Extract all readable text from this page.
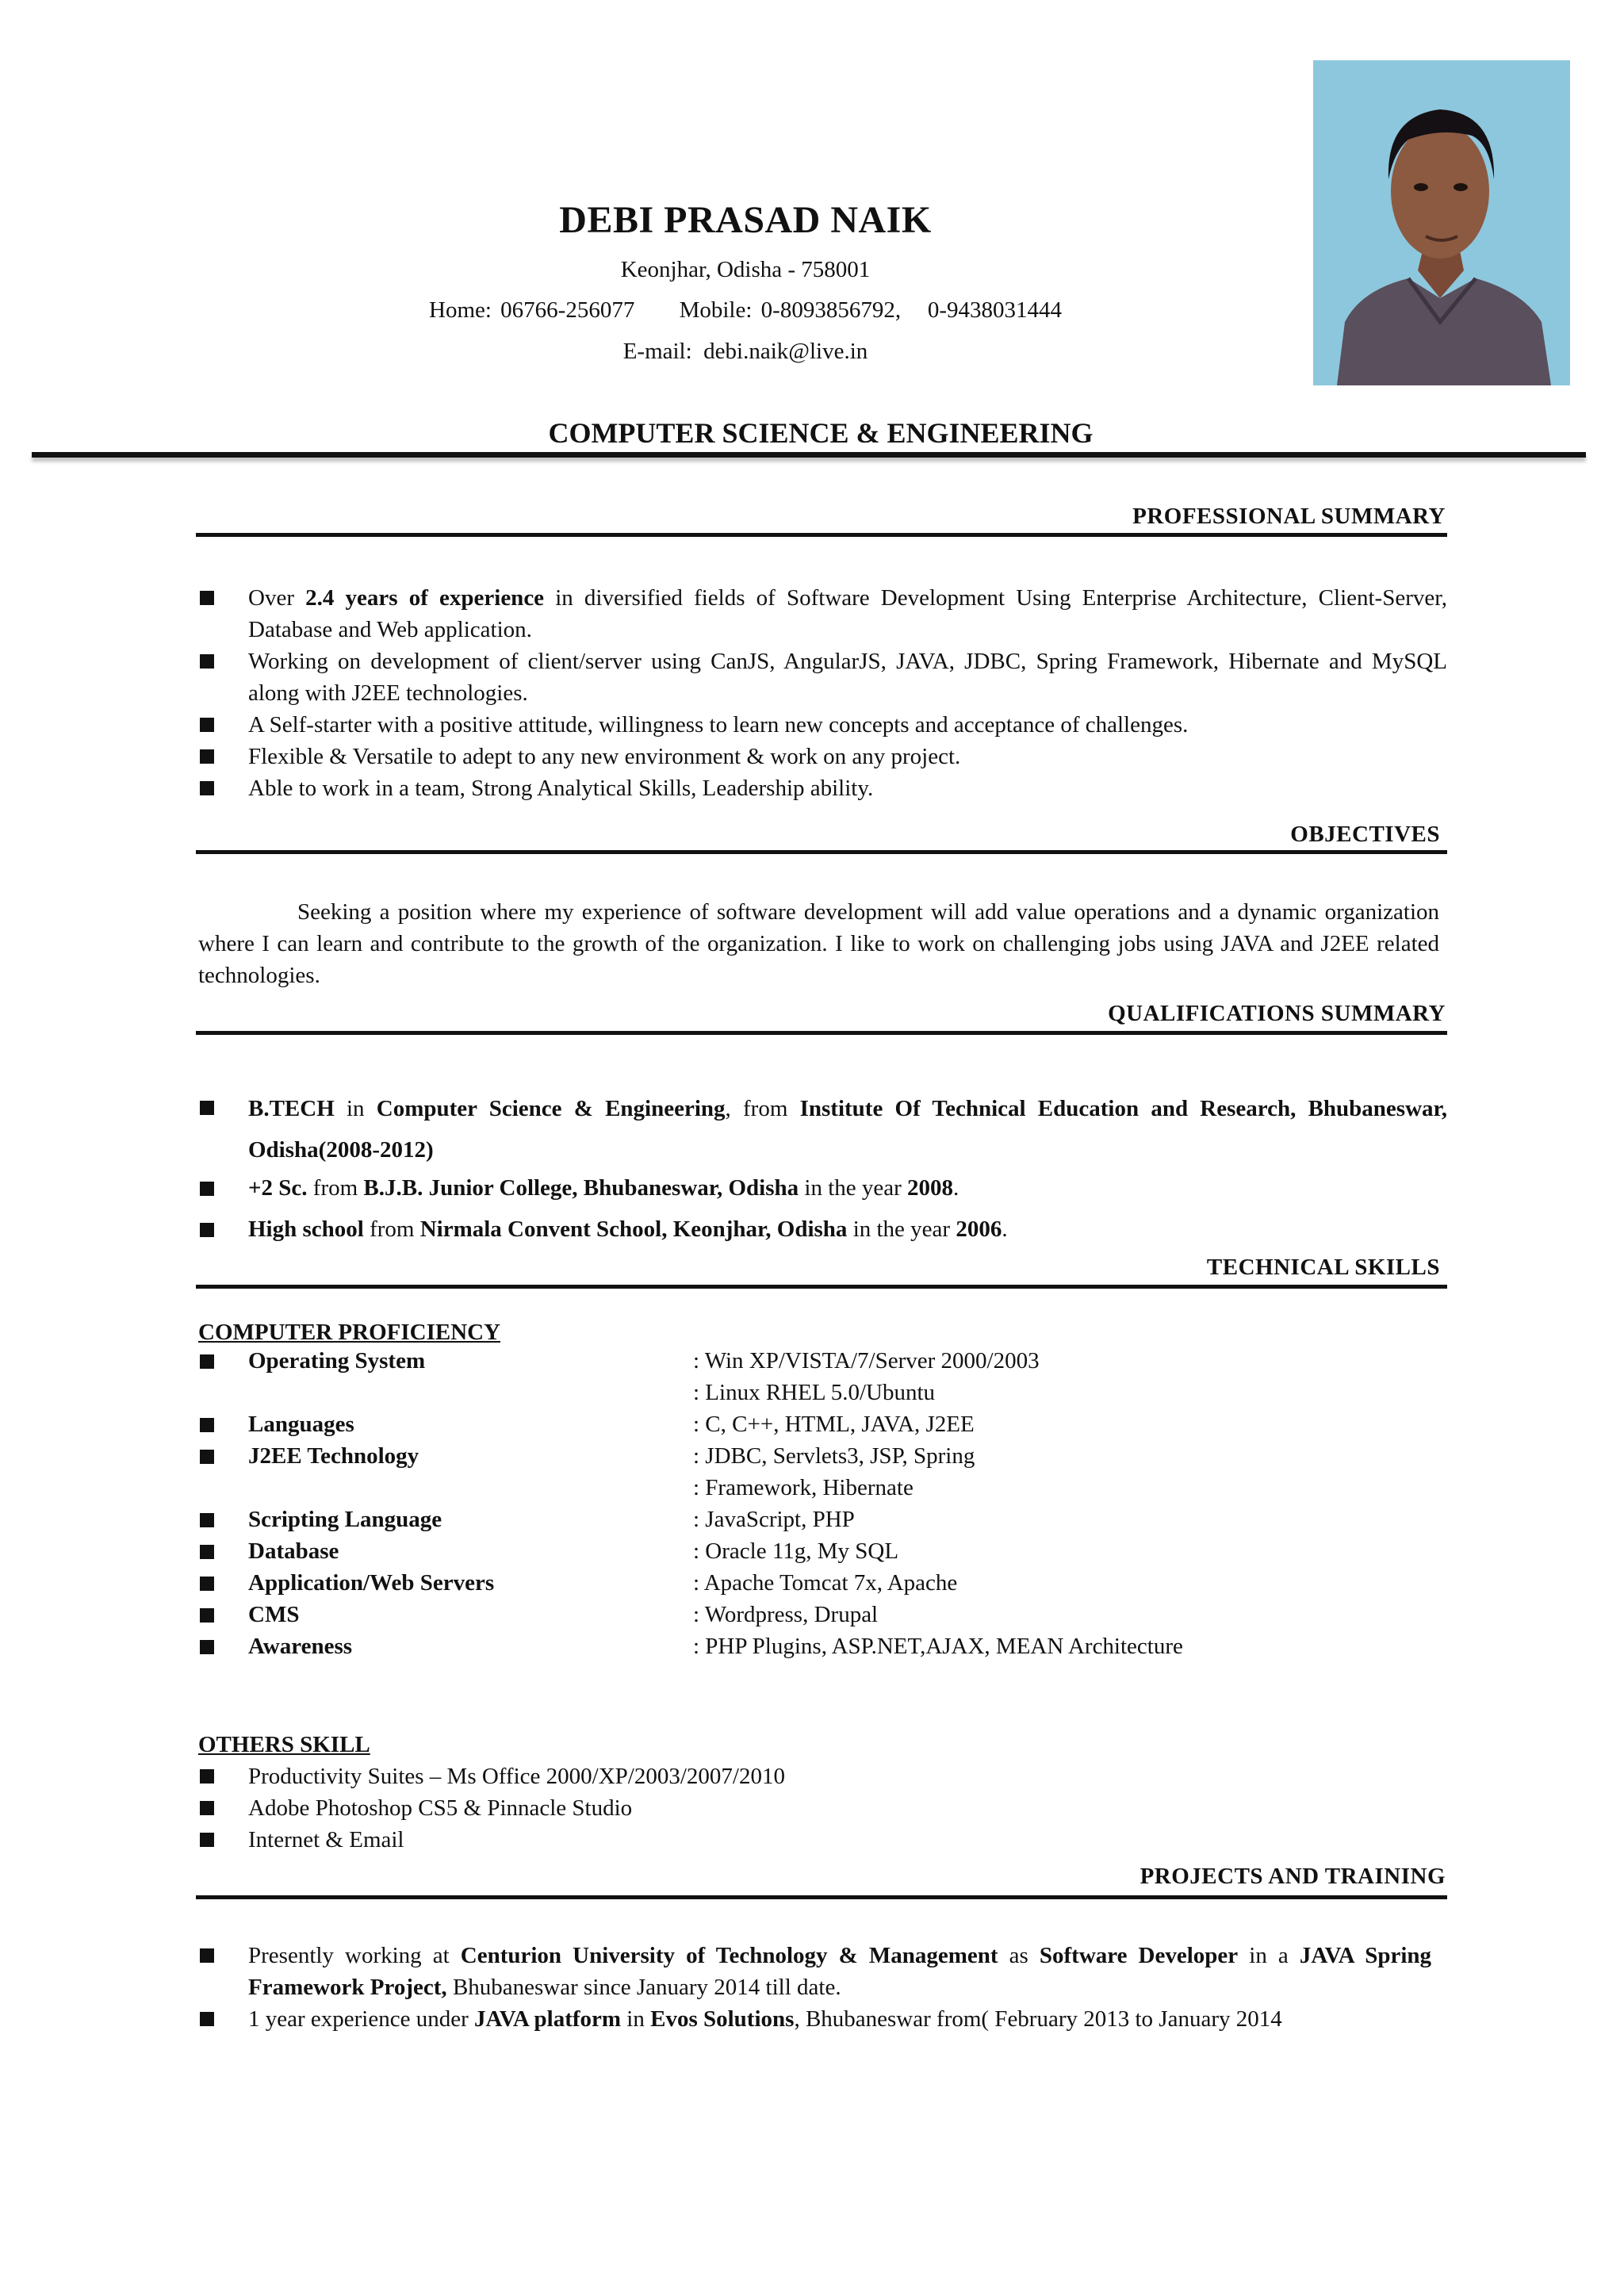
DEBI PRASAD NAIK
Keonjhar, Odisha - 758001
Home: 06766-256077     Mobile: 0-8093856792,   0-9438031444
E-mail:  debi.naik@live.in
COMPUTER SCIENCE & ENGINEERING
PROFESSIONAL SUMMARY
Over 2.4 years of experience in diversified fields of Software Development Using Enterprise Architecture, Client-Server, Database and Web application.
Working on development of client/server using CanJS, AngularJS, JAVA, JDBC, Spring Framework, Hibernate and MySQL along with J2EE technologies.
A Self-starter with a positive attitude, willingness to learn new concepts and acceptance of challenges.
Flexible & Versatile to adept to any new environment & work on any project.
Able to work in a team, Strong Analytical Skills, Leadership ability.
OBJECTIVES
Seeking a position where my experience of software development will add value operations and a dynamic organization where I can learn and contribute to the growth of the organization. I like to work on challenging jobs using JAVA and J2EE related technologies.
QUALIFICATIONS SUMMARY
B.TECH in Computer Science & Engineering, from Institute Of Technical Education and Research, Bhubaneswar, Odisha(2008-2012)
+2 Sc. from B.J.B. Junior College, Bhubaneswar, Odisha in the year 2008.
High school from Nirmala Convent School, Keonjhar, Odisha in the year 2006.
TECHNICAL SKILLS
COMPUTER PROFICIENCY
Operating System	: Win XP/VISTA/7/Server 2000/2003
: Linux RHEL 5.0/Ubuntu
Languages	: C, C++, HTML, JAVA, J2EE
J2EE Technology	: JDBC, Servlets3, JSP, Spring
: Framework, Hibernate
Scripting Language	: JavaScript, PHP
Database	: Oracle 11g, My SQL
Application/Web Servers	: Apache Tomcat 7x, Apache
CMS	: Wordpress, Drupal
Awareness	: PHP Plugins, ASP.NET,AJAX, MEAN Architecture
OTHERS SKILL
Productivity Suites – Ms Office 2000/XP/2003/2007/2010
Adobe Photoshop CS5 & Pinnacle Studio
Internet & Email
PROJECTS AND TRAINING
Presently working at Centurion University of Technology & Management as Software Developer in a JAVA Spring Framework Project, Bhubaneswar since January 2014 till date.
1 year experience under JAVA platform in Evos Solutions, Bhubaneswar from( February 2013 to January 2014
